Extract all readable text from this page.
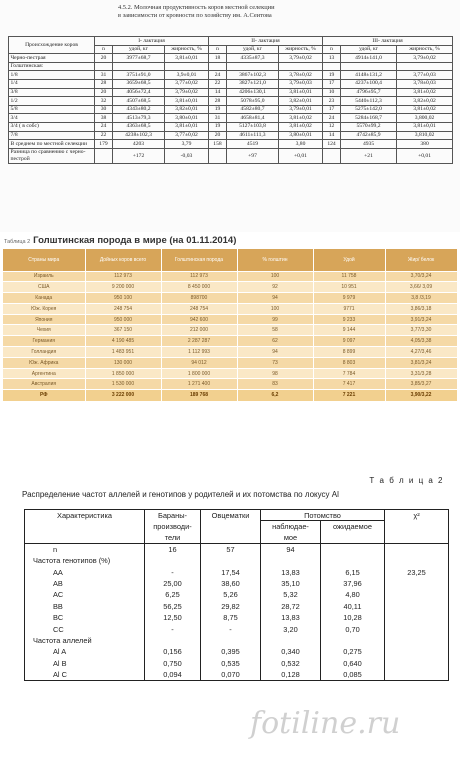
4.5.2. Молочная продуктивность коров местной селекции
в зависимости от кровности по хозяйству им. А.Сеитова
Происхождение коров	I- лактация			II- лактация			III- лактация		
	n	удой, кг	жирность, %	n	удой, кг	жирность, %	n	удой, кг	жирность, %
Черно-пестрая	20	3977±68,7	3,81±0,01	18	4335±87,3	3,79±0,02	13	4914±141,0	3,79±0,02
Голштинская:									
1/8	31	3751±91,0	3,9±0,01	24	3867±102,3	3,78±0,02	19	4148±131,2	3,77±0,03
1/4	28	3659±68,5	3,77±0,02	22	3827±121,0	3,79±0,03	17	4237±100,4	3,78±0,03
3/8	20	4056±72,4	3,79±0,02	14	4206±130,1	3,81±0,01	10	4796±95,7	3,81±0,02
1/2	32	4507±68,5	3,81±0,01	28	5078±95,0	3,82±0,01	23	5440±112,3	3,82±0,02
5/8	30	4343±80,2	3,82±0,01	19	4582±80,7	3,79±0,01	17	5275±142,0	3,81±0,02
3/4	38	4513±79,3	3,80±0,01	31	4658±81,4	3,81±0,02	24	5284±168,7	3,800,02
3/4 ( в собс)	24	4363±68,5	3,81±0,01	19	5127±103,8	3,81±0,02	12	5570±99,2	3,81±0,01
7/8	22	4238±102,3	3,77±0,02	20	4611±111,3	3,80±0,01	14	4742±85,9	3,810,02
В среднем по местной селекции	179	4203	3,79	158	4519	3,80	124	4935	380
Разница по сравнению с черно-пестрой		+172	-0,03		+97	+0,01		+21	+0,01
Таблица 2 Голштинская порода в мире (на 01.11.2014)
Страны мира	Дойных коров всего	Голштинская порода	% голштин	Удой	Жир/ белок
Израиль	112 973	112 973	100	11 758	3,70/3,24
США	9 200 000	8 450 000	92	10 951	3,66/ 3,09
Канада	950 100	898700	94	9 979	3,8 /3,19
Юж. Корея	248 754	248 754	100	9771	3,86/3,18
Япония	950 000	942 600	99	9 233	3,91/3,24
Чехия	367 150	212 000	58	9 144	3,77/3,30
Германия	4 190 485	2 287 287	62	9 097	4,05/3,38
Голландия	1 483 951	1 112 993	94	8 899	4,27/3,46
Юж. Африка	130 000	94 012	73	8 803	3,81/3,24
Аргентина	1 850 000	1 800 000	98	7 784	3,31/3,28
Австралия	1 530 000	1 271 400	83	7 417	3,85/3,27
РФ	3 222 000	189 768	6,2	7 221	3,90/3,22
Т а б л и ц а 2
Распределение частот аллелей и генотипов у родителей и их потомства по локусу Al
Характеристика	Бараны-	Овцематки	Потомство		χ²
	производи-		наблюдае-	ожидаемое	
	тели		мое		
n	16	57	94		
Частота генотипов (%)					
AA	-	17,54	13,83	6,15	23,25
AB	25,00	38,60	35,10	37,96	
AC	6,25	5,26	5,32	4,80	
BB	56,25	29,82	28,72	40,11	
BC	12,50	8,75	13,83	10,28	
CC	-	-	3,20	0,70	
Частота аллелей					
Al A	0,156	0,395	0,340	0,275	
Al B	0,750	0,535	0,532	0,640	
Al C	0,094	0,070	0,128	0,085	
fotiline.ru
